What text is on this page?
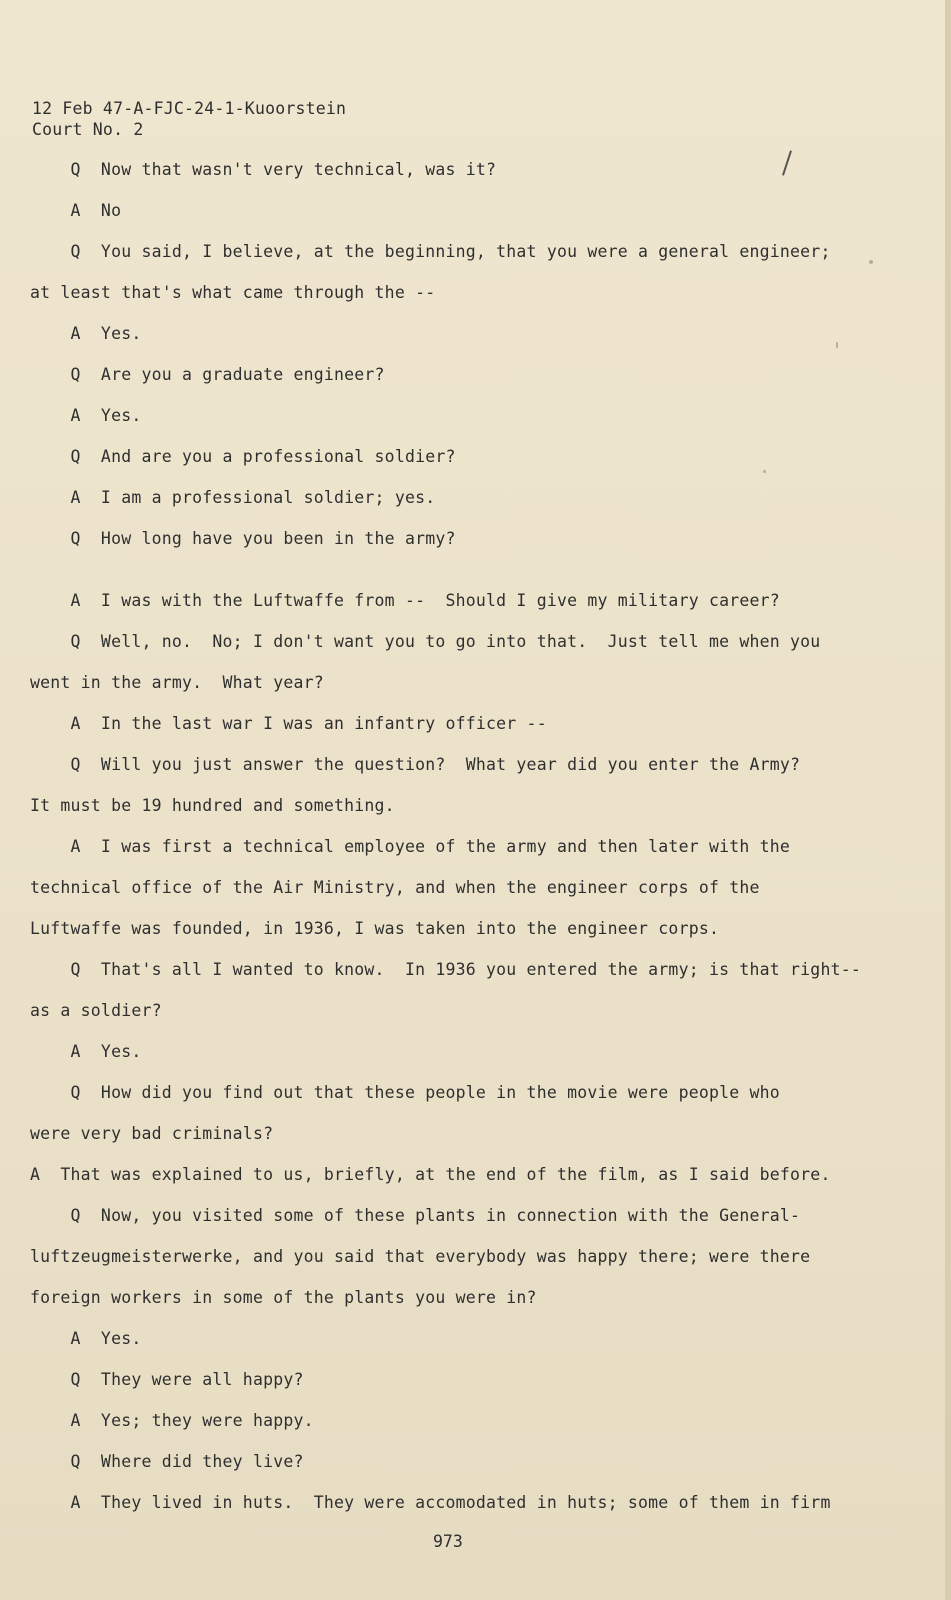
12 Feb 47-A-FJC-24-1-Kuoorstein
Court No. 2
Q  Now that wasn't very technical, was it?
A  No
Q  You said, I believe, at the beginning, that you were a general engineer;
at least that's what came through the --
A  Yes.
Q  Are you a graduate engineer?
A  Yes.
Q  And are you a professional soldier?
A  I am a professional soldier; yes.
Q  How long have you been in the army?
A  I was with the Luftwaffe from --  Should I give my military career?
Q  Well, no.  No; I don't want you to go into that.  Just tell me when you
went in the army.  What year?
A  In the last war I was an infantry officer --
Q  Will you just answer the question?  What year did you enter the Army?
It must be 19 hundred and something.
A  I was first a technical employee of the army and then later with the
technical office of the Air Ministry, and when the engineer corps of the
Luftwaffe was founded, in 1936, I was taken into the engineer corps.
Q  That's all I wanted to know.  In 1936 you entered the army; is that right--
as a soldier?
A  Yes.
Q  How did you find out that these people in the movie were people who
were very bad criminals?
A  That was explained to us, briefly, at the end of the film, as I said before.
Q  Now, you visited some of these plants in connection with the General-
luftzeugmeisterwerke, and you said that everybody was happy there; were there
foreign workers in some of the plants you were in?
A  Yes.
Q  They were all happy?
A  Yes; they were happy.
Q  Where did they live?
A  They lived in huts.  They were accomodated in huts; some of them in firm
973
